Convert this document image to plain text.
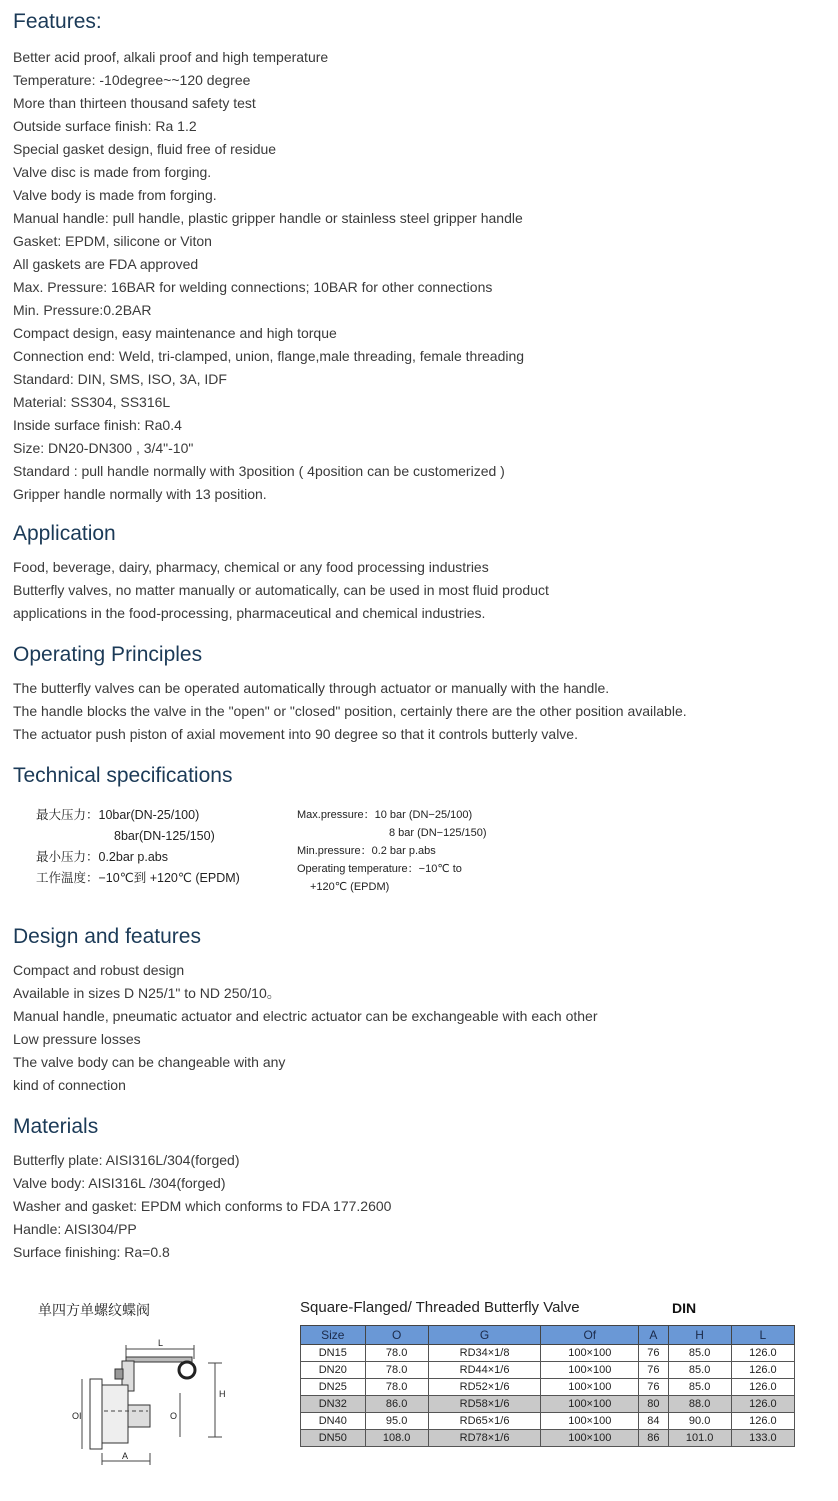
Features:
Better acid proof, alkali proof and high temperature
Temperature: -10degree~~120 degree
More than thirteen thousand safety test
Outside surface finish: Ra 1.2
Special gasket design, fluid free of residue
Valve disc is made from forging.
Valve body is made from forging.
Manual handle: pull handle, plastic gripper handle or stainless steel gripper handle
Gasket: EPDM, silicone or Viton
All gaskets are FDA approved
Max. Pressure: 16BAR for welding connections; 10BAR for other connections
Min. Pressure:0.2BAR
Compact design, easy maintenance and high torque
Connection end: Weld, tri-clamped, union, flange,male threading, female threading
Standard: DIN, SMS, ISO, 3A, IDF
Material: SS304, SS316L
Inside surface finish: Ra0.4
Size: DN20-DN300 , 3/4"-10"
Standard : pull handle normally with 3position ( 4position can be customerized )
Gripper handle normally with 13 position.
Application
Food, beverage, dairy, pharmacy, chemical or any food processing industries
Butterfly valves, no matter manually or automatically, can be used in most fluid product
applications in the food-processing, pharmaceutical and chemical industries.
Operating Principles
The butterfly valves can be operated automatically through actuator or manually with the handle.
The handle blocks the valve in the "open" or "closed" position, certainly there are the other position available.
The actuator push piston of axial movement into 90 degree so that it controls butterly valve.
Technical specifications
最大压力：10bar(DN-25/100)
8bar(DN-125/150)
最小压力：0.2bar p.abs
工作温度：−10℃到 +120℃ (EPDM)
Max.pressure：10 bar (DN−25/100)
8 bar (DN−125/150)
Min.pressure：0.2 bar p.abs
Operating temperature：−10℃ to
+120℃ (EPDM)
Design and features
Compact and robust design
Available in sizes D N25/1" to ND 250/10。
Manual handle, pneumatic actuator and electric actuator can be exchangeable with each other
Low pressure losses
The valve body can be changeable with any
kind of connection
Materials
Butterfly plate: AISI316L/304(forged)
Valve body: AISI316L /304(forged)
Washer and gasket: EPDM which conforms to FDA 177.2600
Handle: AISI304/PP
Surface finishing: Ra=0.8
单四方单螺纹蝶阀
L
H
O
OI
A
Square-Flanged/ Threaded Butterfly Valve	DIN
Size	O	G	Of	A	H	L
DN15	78.0	RD34×1/8	100×100	76	85.0	126.0
DN20	78.0	RD44×1/6	100×100	76	85.0	126.0
DN25	78.0	RD52×1/6	100×100	76	85.0	126.0
DN32	86.0	RD58×1/6	100×100	80	88.0	126.0
DN40	95.0	RD65×1/6	100×100	84	90.0	126.0
DN50	108.0	RD78×1/6	100×100	86	101.0	133.0
